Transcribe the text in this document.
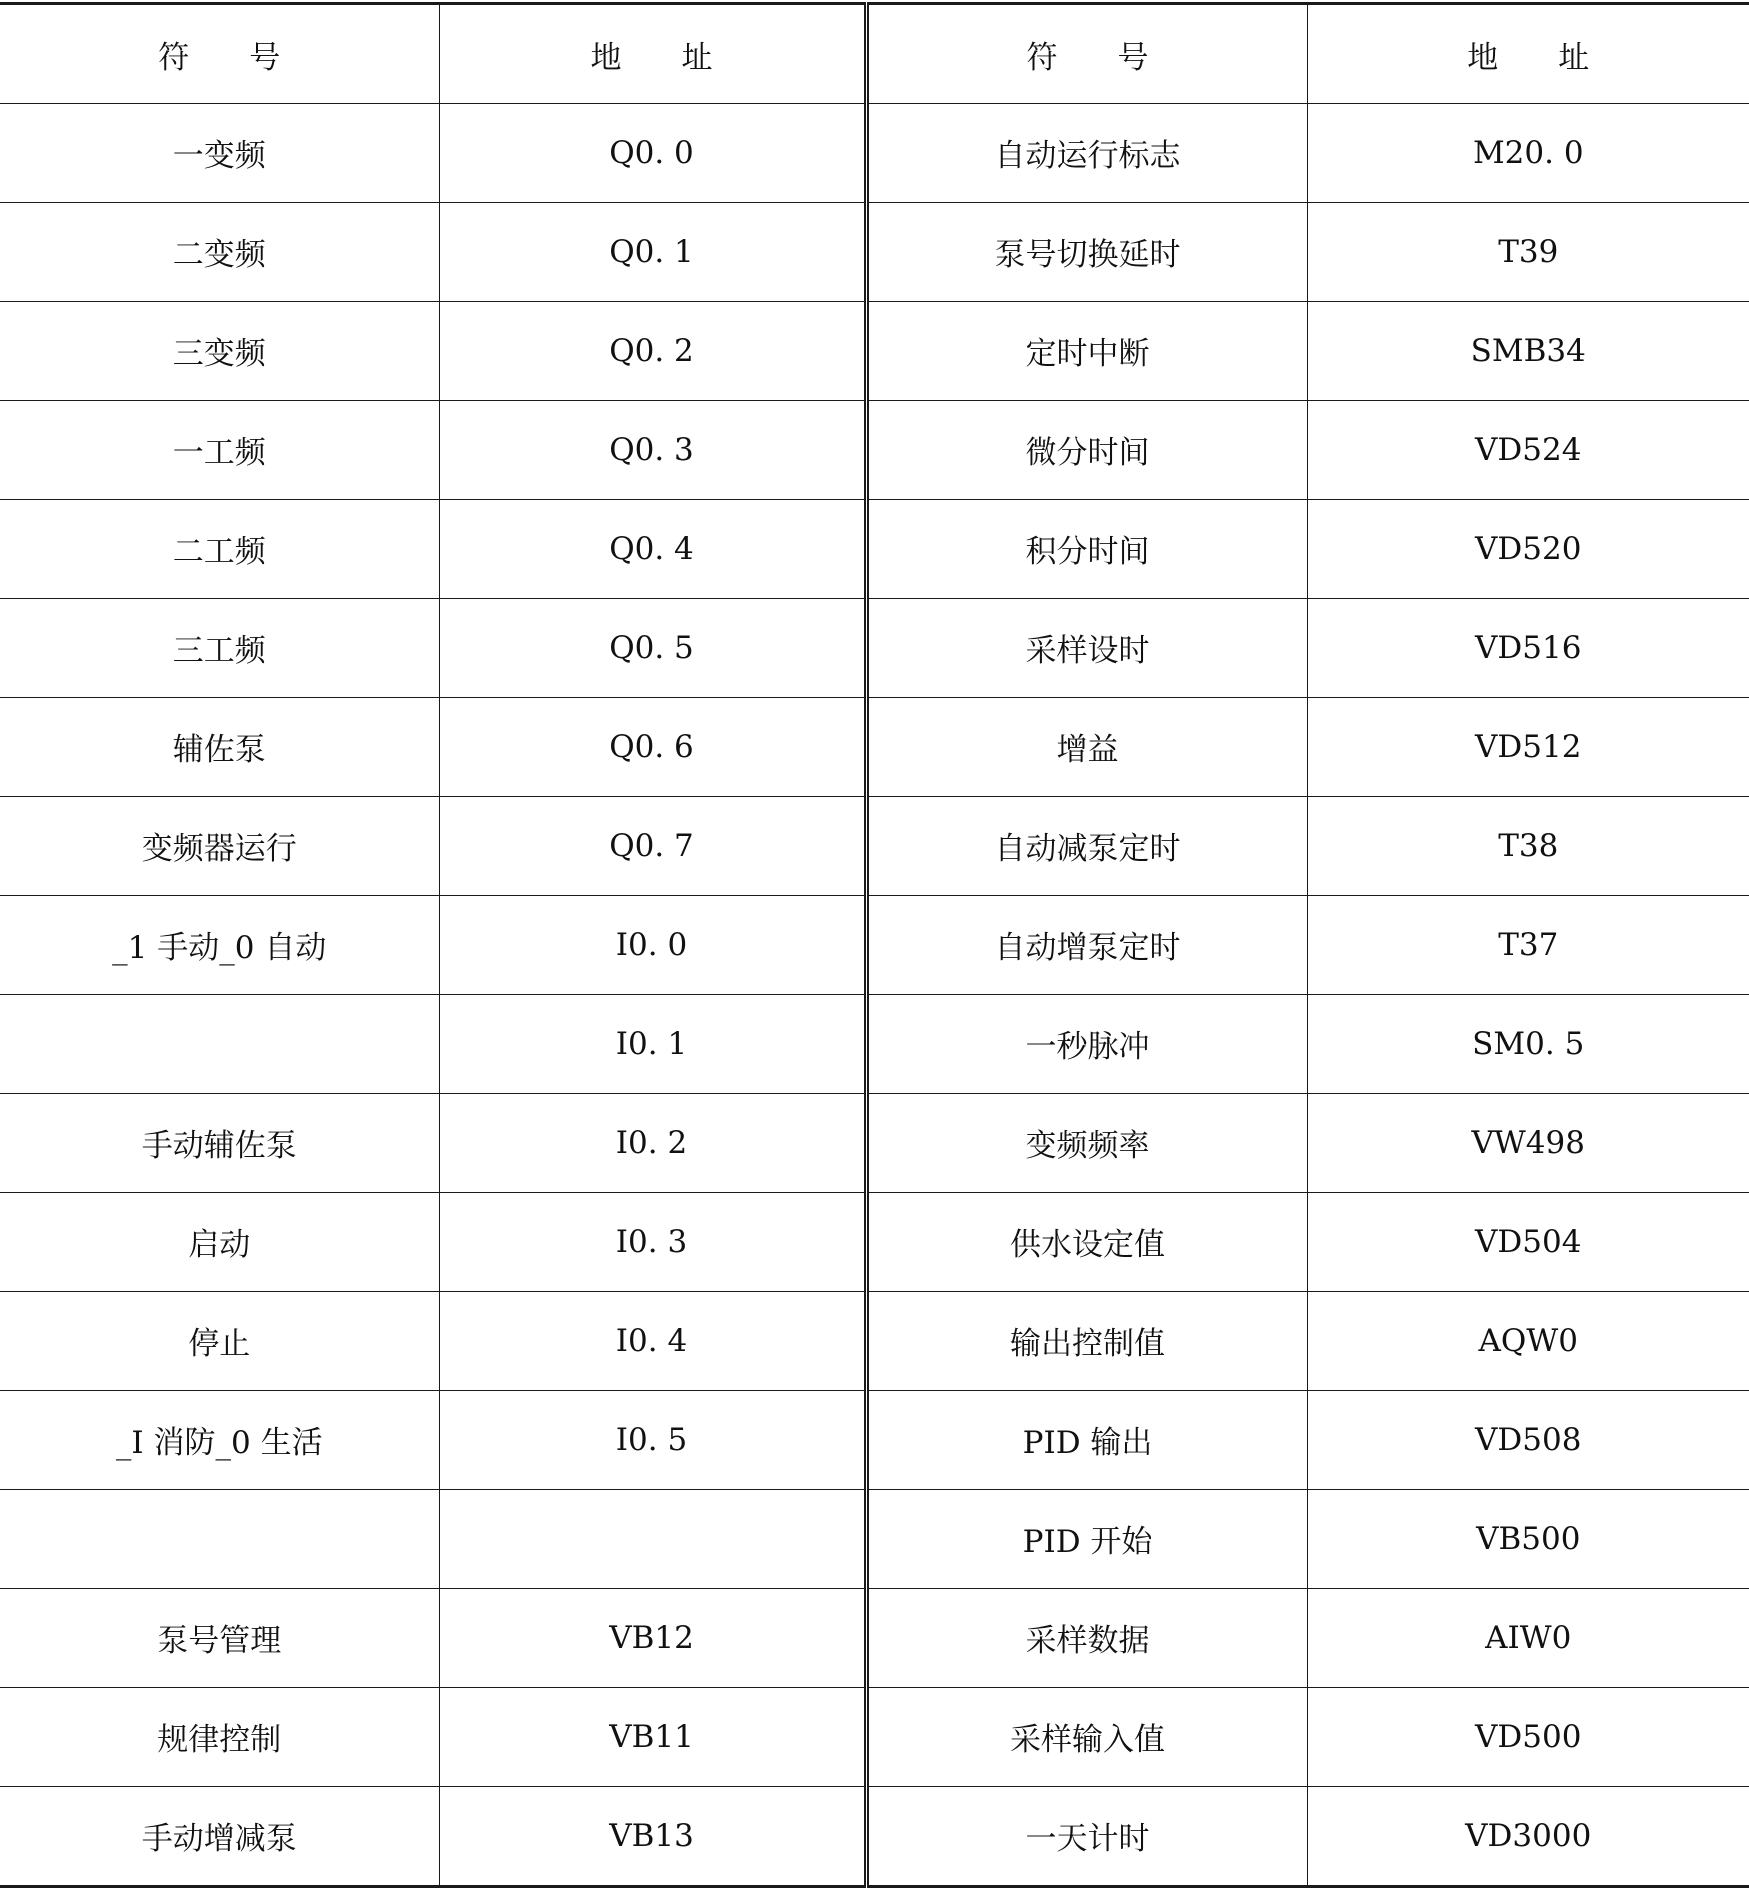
符 号	地 址	符 号	地 址
一变频	Q0. 0	自动运行标志	M20. 0
二变频	Q0. 1	泵号切换延时	T39
三变频	Q0. 2	定时中断	SMB34
一工频	Q0. 3	微分时间	VD524
二工频	Q0. 4	积分时间	VD520
三工频	Q0. 5	采样设时	VD516
辅佐泵	Q0. 6	增益	VD512
变频器运行	Q0. 7	自动减泵定时	T38
_1 手动_0 自动	I0. 0	自动增泵定时	T37
	I0. 1	一秒脉冲	SM0. 5
手动辅佐泵	I0. 2	变频频率	VW498
启动	I0. 3	供水设定值	VD504
停止	I0. 4	输出控制值	AQW0
_I 消防_0 生活	I0. 5	PID 输出	VD508
		PID 开始	VB500
泵号管理	VB12	采样数据	AIW0
规律控制	VB11	采样输入值	VD500
手动增减泵	VB13	一天计时	VD3000
